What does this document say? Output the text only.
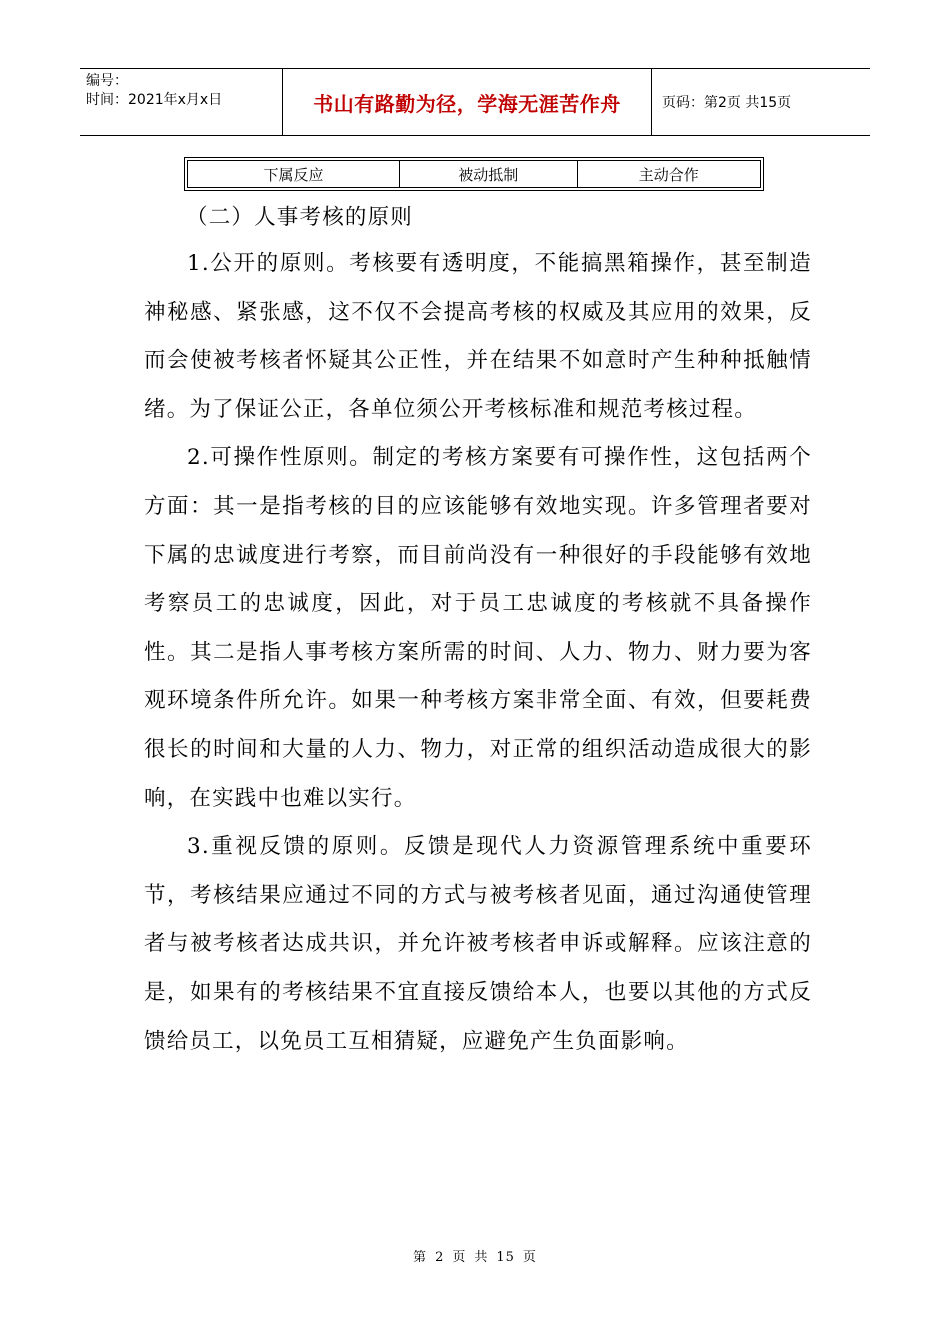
编号：
时间：2021年x月x日	书山有路勤为径，学海无涯苦作舟	页码：第2页 共15页
下属反应	被动抵制	主动合作
（二）人事考核的原则

1.公开的原则。考核要有透明度，不能搞黑箱操作，甚至制造神秘感、紧张感，这不仅不会提高考核的权威及其应用的效果，反而会使被考核者怀疑其公正性，并在结果不如意时产生种种抵触情绪。为了保证公正，各单位须公开考核标准和规范考核过程。

2.可操作性原则。制定的考核方案要有可操作性，这包括两个方面：其一是指考核的目的应该能够有效地实现。许多管理者要对下属的忠诚度进行考察，而目前尚没有一种很好的手段能够有效地考察员工的忠诚度，因此，对于员工忠诚度的考核就不具备操作性。其二是指人事考核方案所需的时间、人力、物力、财力要为客观环境条件所允许。如果一种考核方案非常全面、有效，但要耗费很长的时间和大量的人力、物力，对正常的组织活动造成很大的影响，在实践中也难以实行。

3.重视反馈的原则。反馈是现代人力资源管理系统中重要环节，考核结果应通过不同的方式与被考核者见面，通过沟通使管理者与被考核者达成共识，并允许被考核者申诉或解释。应该注意的是，如果有的考核结果不宜直接反馈给本人，也要以其他的方式反馈给员工，以免员工互相猜疑，应避免产生负面影响。

第 2 页 共 15 页
